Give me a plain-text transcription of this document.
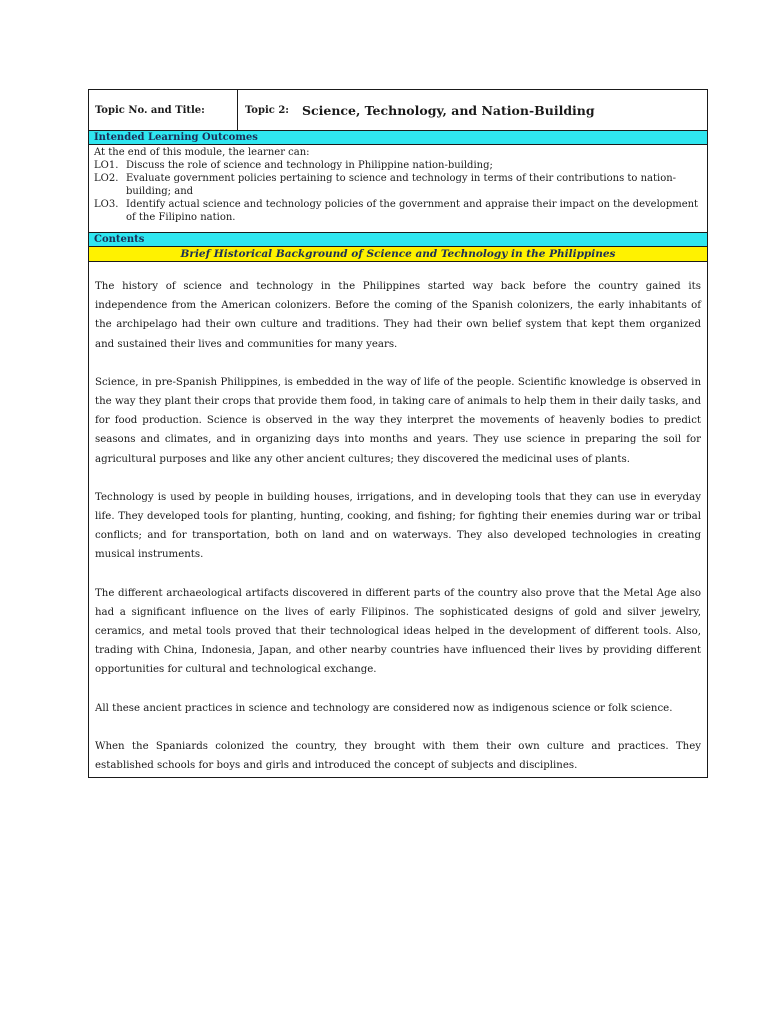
Topic No. and Title:	Topic 2: Science, Technology, and Nation-Building
Intended Learning Outcomes
At the end of this module, the learner can:
LO1. Discuss the role of science and technology in Philippine nation-building;
LO2. Evaluate government policies pertaining to science and technology in terms of their contributions to nation-building; and
LO3. Identify actual science and technology policies of the government and appraise their impact on the development of the Filipino nation.
Contents
Brief Historical Background of Science and Technology in the Philippines

The history of science and technology in the Philippines started way back before the country gained its independence from the American colonizers. Before the coming of the Spanish colonizers, the early inhabitants of the archipelago had their own culture and traditions. They had their own belief system that kept them organized and sustained their lives and communities for many years.

Science, in pre-Spanish Philippines, is embedded in the way of life of the people. Scientific knowledge is observed in the way they plant their crops that provide them food, in taking care of animals to help them in their daily tasks, and for food production. Science is observed in the way they interpret the movements of heavenly bodies to predict seasons and climates, and in organizing days into months and years. They use science in preparing the soil for agricultural purposes and like any other ancient cultures; they discovered the medicinal uses of plants.

Technology is used by people in building houses, irrigations, and in developing tools that they can use in everyday life. They developed tools for planting, hunting, cooking, and fishing; for fighting their enemies during war or tribal conflicts; and for transportation, both on land and on waterways. They also developed technologies in creating musical instruments.

The different archaeological artifacts discovered in different parts of the country also prove that the Metal Age also had a significant influence on the lives of early Filipinos. The sophisticated designs of gold and silver jewelry, ceramics, and metal tools proved that their technological ideas helped in the development of different tools. Also, trading with China, Indonesia, Japan, and other nearby countries have influenced their lives by providing different opportunities for cultural and technological exchange.

All these ancient practices in science and technology are considered now as indigenous science or folk science.

When the Spaniards colonized the country, they brought with them their own culture and practices. They established schools for boys and girls and introduced the concept of subjects and disciplines.
